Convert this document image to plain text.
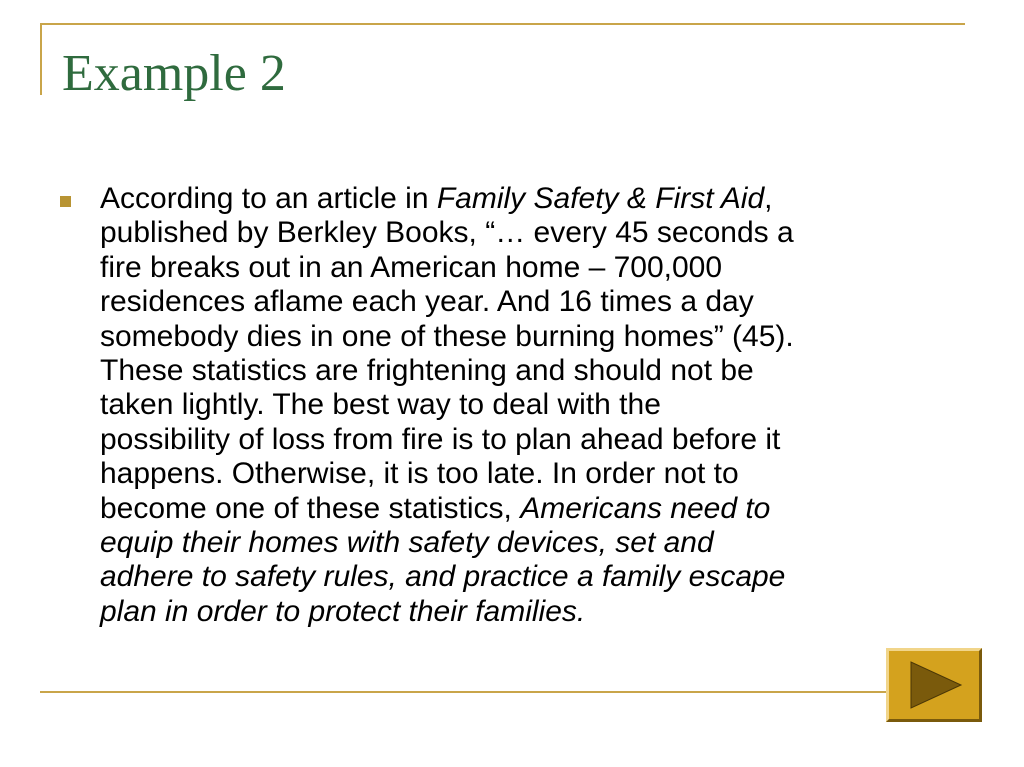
Example 2

According to an article in Family Safety & First Aid,
published by Berkley Books, “… every 45 seconds a
fire breaks out in an American home – 700,000
residences aflame each year. And 16 times a day
somebody dies in one of these burning homes” (45).
These statistics are frightening and should not be
taken lightly. The best way to deal with the
possibility of loss from fire is to plan ahead before it
happens. Otherwise, it is too late. In order not to
become one of these statistics, Americans need to
equip their homes with safety devices, set and
adhere to safety rules, and practice a family escape
plan in order to protect their families.
